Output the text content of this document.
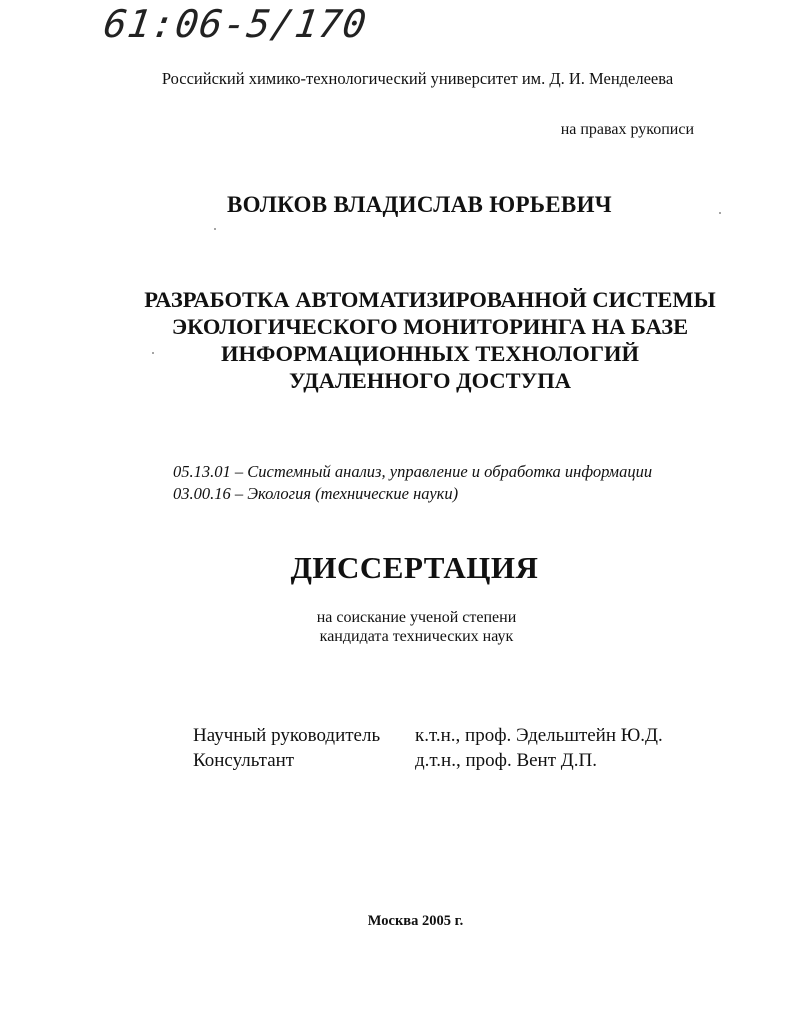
61:06-5/170
Российский химико-технологический университет им. Д. И. Менделеева
на правах рукописи
ВОЛКОВ ВЛАДИСЛАВ ЮРЬЕВИЧ
РАЗРАБОТКА АВТОМАТИЗИРОВАННОЙ СИСТЕМЫ
ЭКОЛОГИЧЕСКОГО МОНИТОРИНГА НА БАЗЕ
ИНФОРМАЦИОННЫХ ТЕХНОЛОГИЙ
УДАЛЕННОГО ДОСТУПА
05.13.01 – Системный анализ, управление и обработка информации
03.00.16 – Экология (технические науки)
ДИССЕРТАЦИЯ
на соискание ученой степени
кандидата технических наук
Научный руководитель	к.т.н., проф. Эдельштейн Ю.Д.
Консультант	д.т.н., проф. Вент Д.П.
Москва 2005 г.
